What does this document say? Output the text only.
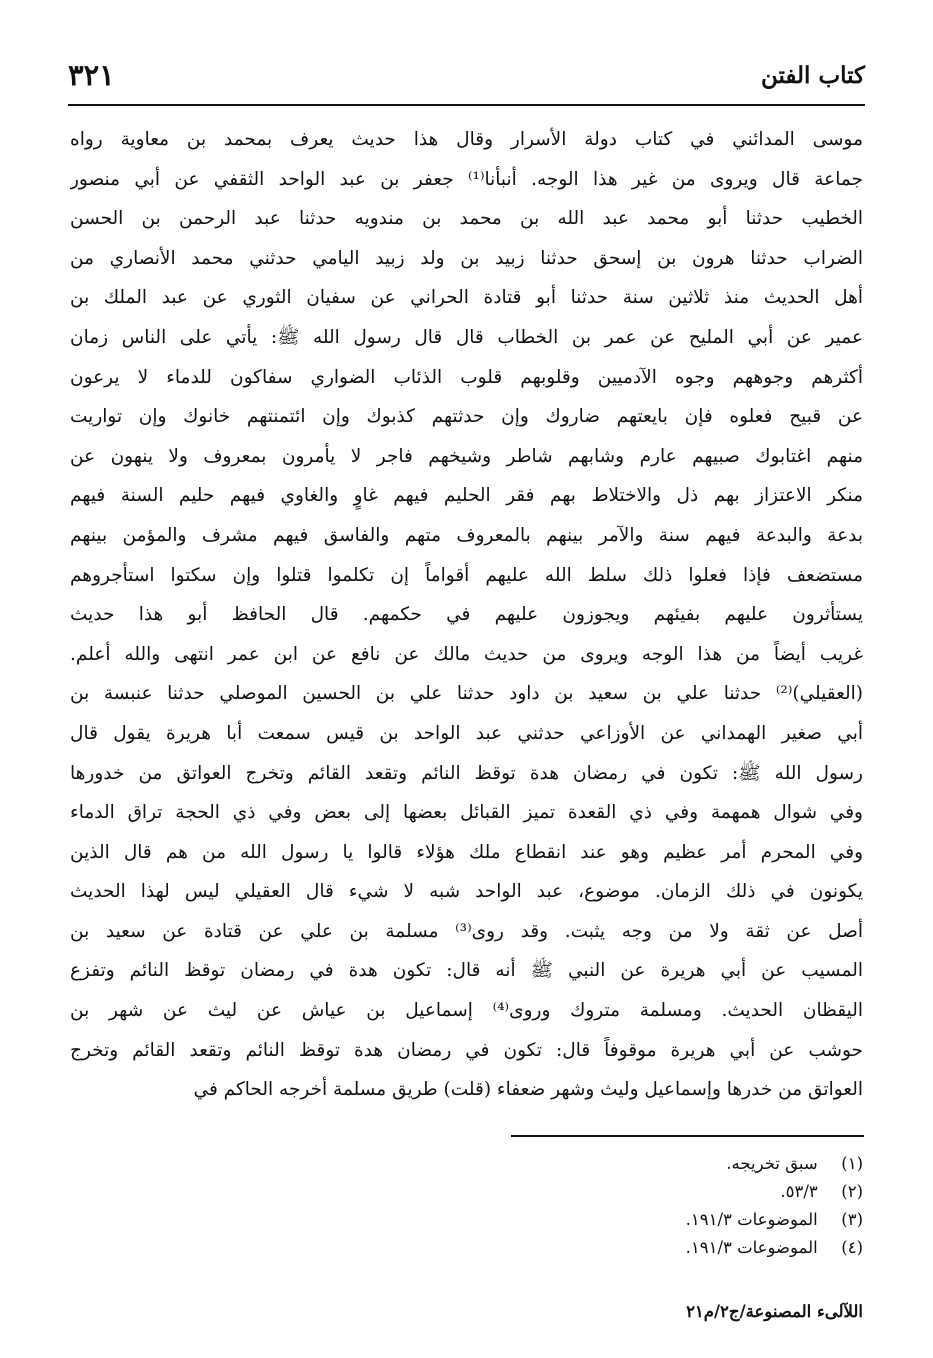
كتاب الفتن
٣٢١
موسى المدائني في كتاب دولة الأسرار وقال هذا حديث يعرف بمحمد بن معاوية رواه
جماعة قال ويروى من غير هذا الوجه. أنبأنا⁽¹⁾ جعفر بن عبد الواحد الثقفي عن أبي منصور
الخطيب حدثنا أبو محمد عبد الله بن محمد بن مندويه حدثنا عبد الرحمن بن الحسن
الضراب حدثنا هرون بن إسحق حدثنا زبيد بن ولد زبيد اليامي حدثني محمد الأنصاري من
أهل الحديث منذ ثلاثين سنة حدثنا أبو قتادة الحراني عن سفيان الثوري عن عبد الملك بن
عمير عن أبي المليح عن عمر بن الخطاب قال قال رسول الله ﷺ: يأتي على الناس زمان
أكثرهم وجوههم وجوه الآدميين وقلوبهم قلوب الذئاب الضواري سفاكون للدماء لا يرعون
عن قبيح فعلوه فإن بايعتهم ضاروك وإن حدثتهم كذبوك وإن ائتمنتهم خانوك وإن تواريت
منهم اغتابوك صبيهم عارم وشابهم شاطر وشيخهم فاجر لا يأمرون بمعروف ولا ينهون عن
منكر الاعتزاز بهم ذل والاختلاط بهم فقر الحليم فيهم غاوٍ والغاوي فيهم حليم السنة فيهم
بدعة والبدعة فيهم سنة والآمر بينهم بالمعروف متهم والفاسق فيهم مشرف والمؤمن بينهم
مستضعف فإذا فعلوا ذلك سلط الله عليهم أقواماً إن تكلموا قتلوا وإن سكتوا استأجروهم
يستأثرون عليهم بفيئهم ويجوزون عليهم في حكمهم. قال الحافظ أبو هذا حديث
غريب أيضاً من هذا الوجه ويروى من حديث مالك عن نافع عن ابن عمر انتهى والله أعلم.
(العقيلي)⁽²⁾ حدثنا علي بن سعيد بن داود حدثنا علي بن الحسين الموصلي حدثنا عنبسة بن
أبي صغير الهمداني عن الأوزاعي حدثني عبد الواحد بن قيس سمعت أبا هريرة يقول قال
رسول الله ﷺ: تكون في رمضان هدة توقظ النائم وتقعد القائم وتخرج العواتق من خدورها
وفي شوال همهمة وفي ذي القعدة تميز القبائل بعضها إلى بعض وفي ذي الحجة تراق الدماء
وفي المحرم أمر عظيم وهو عند انقطاع ملك هؤلاء قالوا يا رسول الله من هم قال الذين
يكونون في ذلك الزمان. موضوع، عبد الواحد شبه لا شيء قال العقيلي ليس لهذا الحديث
أصل عن ثقة ولا من وجه يثبت. وقد روى⁽³⁾ مسلمة بن علي عن قتادة عن سعيد بن
المسيب عن أبي هريرة عن النبي ﷺ أنه قال: تكون هدة في رمضان توقظ النائم وتفزع
اليقظان الحديث. ومسلمة متروك وروى⁽⁴⁾ إسماعيل بن عياش عن ليث عن شهر بن
حوشب عن أبي هريرة موقوفاً قال: تكون في رمضان هدة توقظ النائم وتقعد القائم وتخرج
العواتق من خدرها وإسماعيل وليث وشهر ضعفاء (قلت) طريق مسلمة أخرجه الحاكم في
(١) سبق تخريجه.
(٢) ٥٣/٣.
(٣) الموضوعات ١٩١/٣.
(٤) الموضوعات ١٩١/٣.
اللآلىء المصنوعة/ج٢/م٢١
